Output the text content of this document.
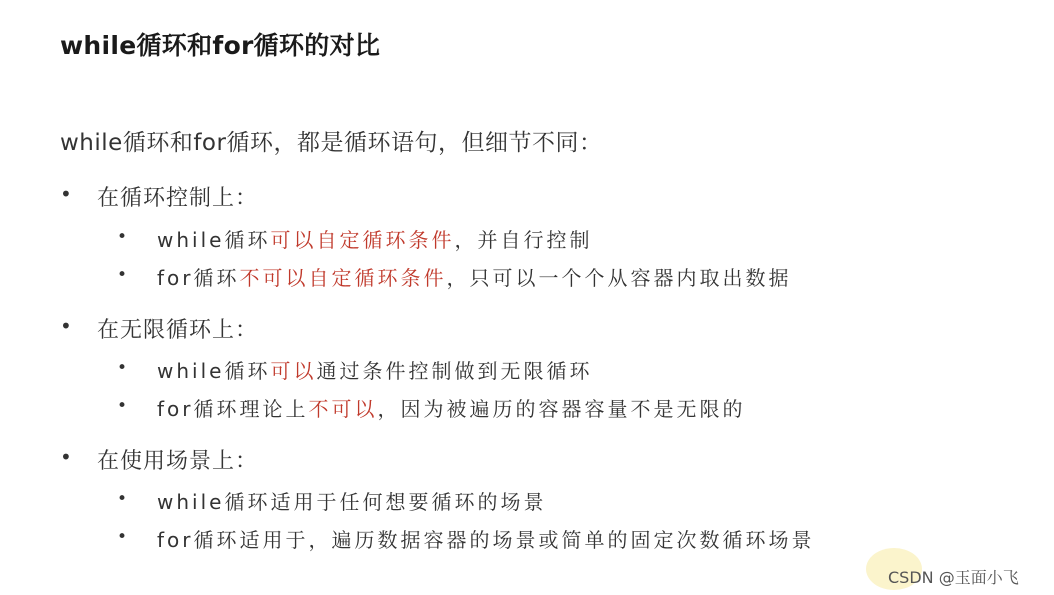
while循环和for循环的对比
while循环和for循环，都是循环语句，但细节不同：
• 在循环控制上：
• while循环可以自定循环条件，并自行控制
• for循环不可以自定循环条件，只可以一个个从容器内取出数据
• 在无限循环上：
• while循环可以通过条件控制做到无限循环
• for循环理论上不可以，因为被遍历的容器容量不是无限的
• 在使用场景上：
• while循环适用于任何想要循环的场景
• for循环适用于，遍历数据容器的场景或简单的固定次数循环场景
CSDN @玉面小飞
